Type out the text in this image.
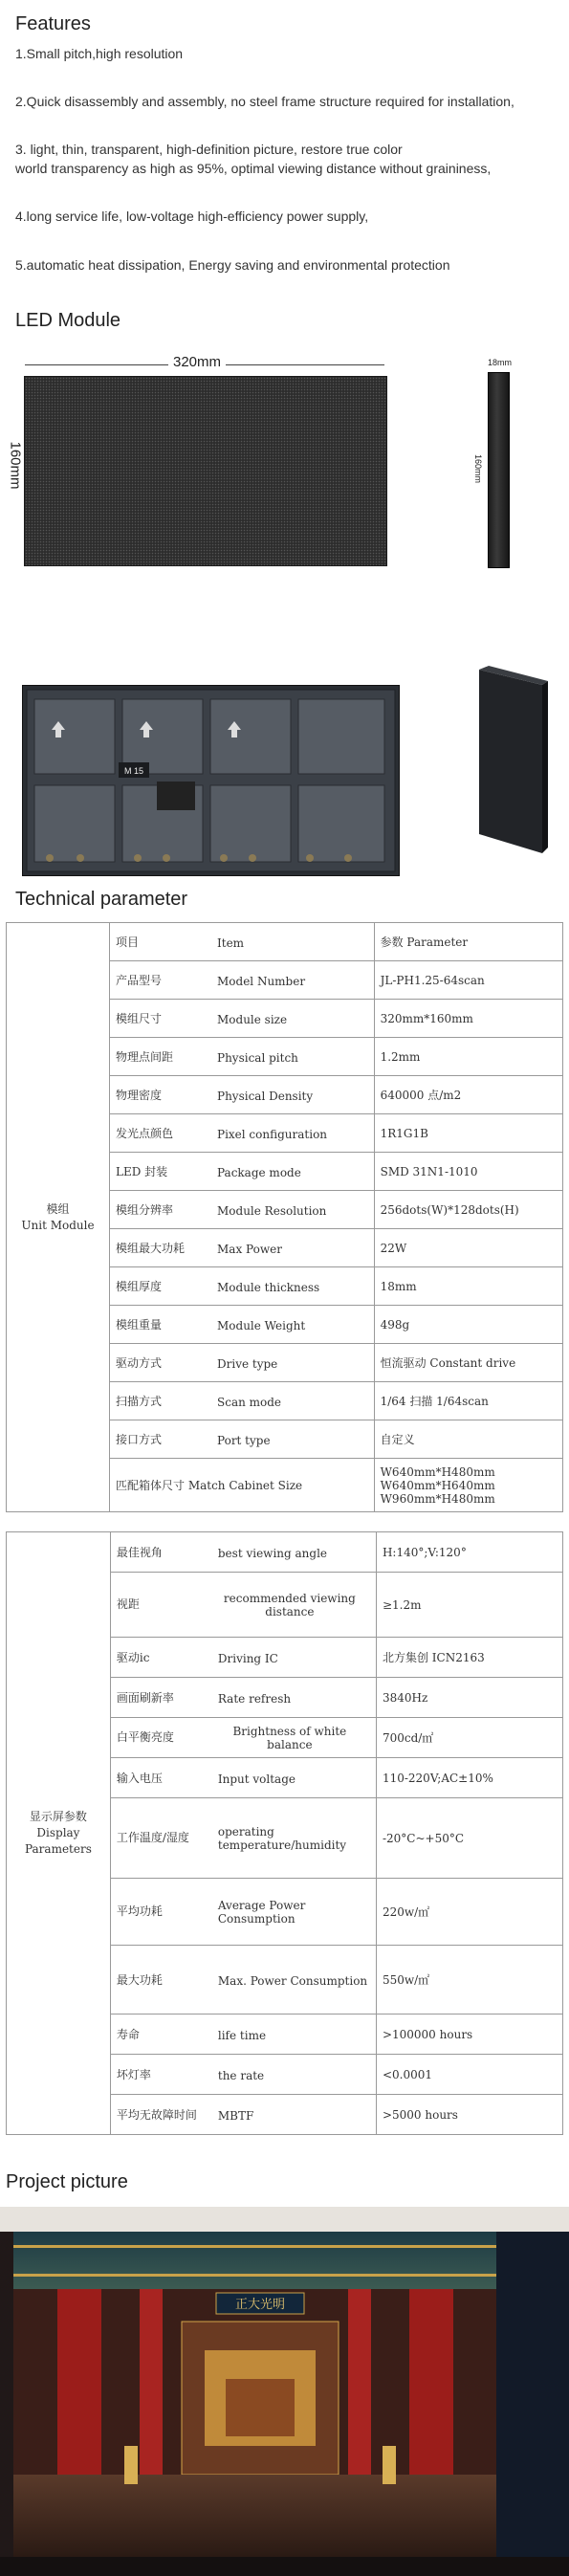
Features
1.Small pitch,high resolution
2.Quick disassembly and assembly, no steel frame structure required for installation,
3. light, thin, transparent, high-definition picture, restore true color
world transparency as high as 95%, optimal viewing distance without graininess,
4.long service life, low-voltage high-efficiency power supply,
5.automatic heat dissipation, Energy saving and environmental protection
LED Module
320mm
160mm
18mm
160mm
M 15
Technical parameter
模组
Unit Module	项目 Item	参数 Parameter
	产品型号 Model Number	JL-PH1.25-64scan
	模组尺寸 Module size	320mm*160mm
	物理点间距 Physical pitch	1.2mm
	物理密度 Physical Density	640000 点/m2
	发光点颜色 Pixel configuration	1R1G1B
	LED 封装 Package mode	SMD 31N1-1010
	模组分辨率 Module Resolution	256dots(W)*128dots(H)
	模组最大功耗 Max Power	22W
	模组厚度 Module thickness	18mm
	模组重量 Module Weight	498g
	驱动方式 Drive type	恒流驱动 Constant drive
	扫描方式 Scan mode	1/64 扫描 1/64scan
	接口方式 Port type	自定义
	匹配箱体尺寸 Match Cabinet Size	W640mm*H480mm
W640mm*H640mm
W960mm*H480mm
显示屏参数
Display
Parameters	最佳视角 best viewing angle	H:140°;V:120°
	视距 recommended viewing distance	≥1.2m
	驱动ic Driving IC	北方集创 ICN2163
	画面刷新率 Rate refresh	3840Hz
	白平衡亮度 Brightness of white balance	700cd/㎡
	输入电压 Input voltage	110-220V;AC±10%
	工作温度/湿度 operating temperature/humidity	-20°C~+50°C
	平均功耗 Average Power Consumption	220w/㎡
	最大功耗 Max. Power Consumption	550w/㎡
	寿命 life time	>100000 hours
	坏灯率 the rate	<0.0001
	平均无故障时间 MBTF	>5000 hours
Project picture
正大光明
